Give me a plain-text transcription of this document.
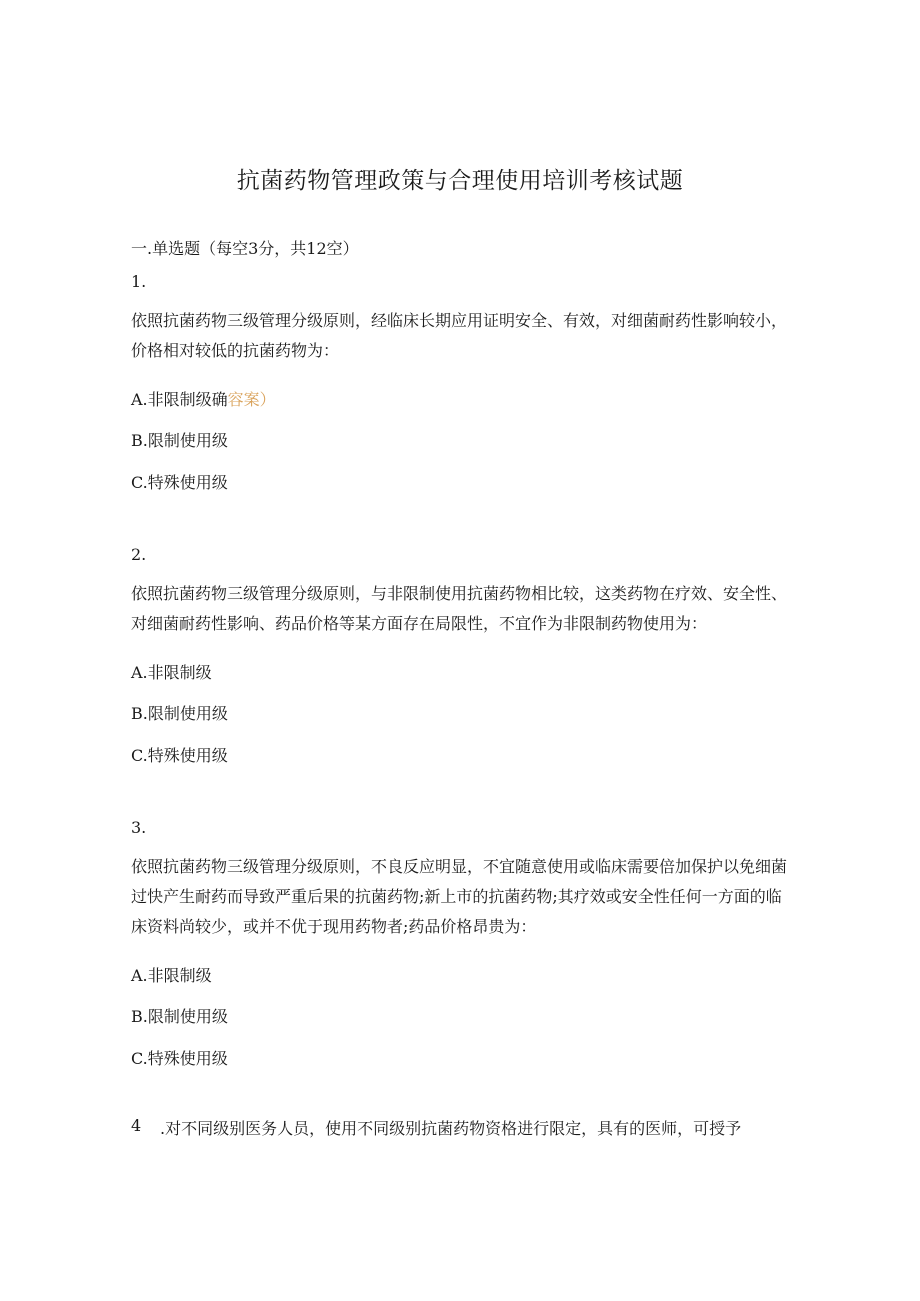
抗菌药物管理政策与合理使用培训考核试题
一.单选题（每空3分，共12空）
1.
依照抗菌药物三级管理分级原则，经临床长期应用证明安全、有效，对细菌耐药性影响较小，价格相对较低的抗菌药物为：
A.非限制级确容案）
B.限制使用级
C.特殊使用级
2.
依照抗菌药物三级管理分级原则，与非限制使用抗菌药物相比较，这类药物在疗效、安全性、对细菌耐药性影响、药品价格等某方面存在局限性，不宜作为非限制药物使用为：
A.非限制级
B.限制使用级
C.特殊使用级
3.
依照抗菌药物三级管理分级原则，不良反应明显，不宜随意使用或临床需要倍加保护以免细菌过快产生耐药而导致严重后果的抗菌药物;新上市的抗菌药物;其疗效或安全性任何一方面的临床资料尚较少，或并不优于现用药物者;药品价格昂贵为：
A.非限制级
B.限制使用级
C.特殊使用级
4 .对不同级别医务人员，使用不同级别抗菌药物资格进行限定，具有的医师，可授予
